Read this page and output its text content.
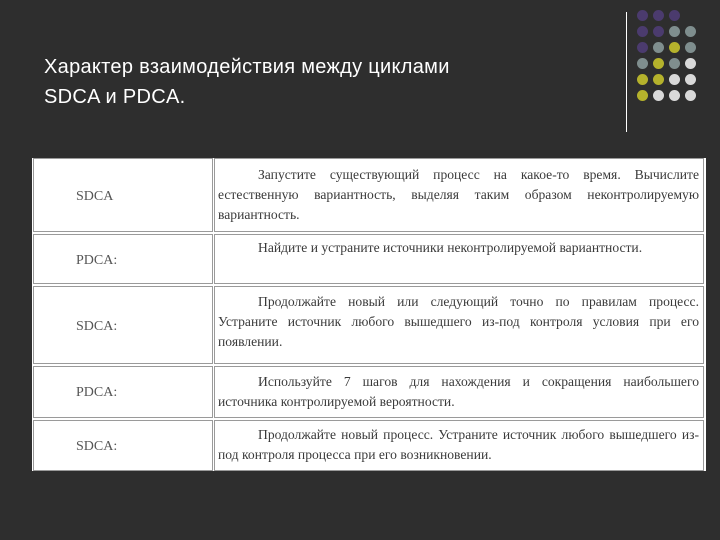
Характер взаимодействия между циклами
SDCA и PDCA.
SDCA
Запустите существующий процесс на какое-то время. Вычислите естественную вариантность, выделяя таким образом неконтролируемую вариантность.
PDCA:
Найдите и устраните источники неконтролируемой вариантности.
SDCA:
Продолжайте новый или следующий точно по правилам процесс. Устраните источник любого вышедшего из-под контроля условия при его появлении.
PDCA:
Используйте 7 шагов для нахождения и сокращения наибольшего источника контролируемой вероятности.
SDCA:
Продолжайте новый процесс. Устраните источник любого вышедшего из-под контроля процесса при его возникновении.
